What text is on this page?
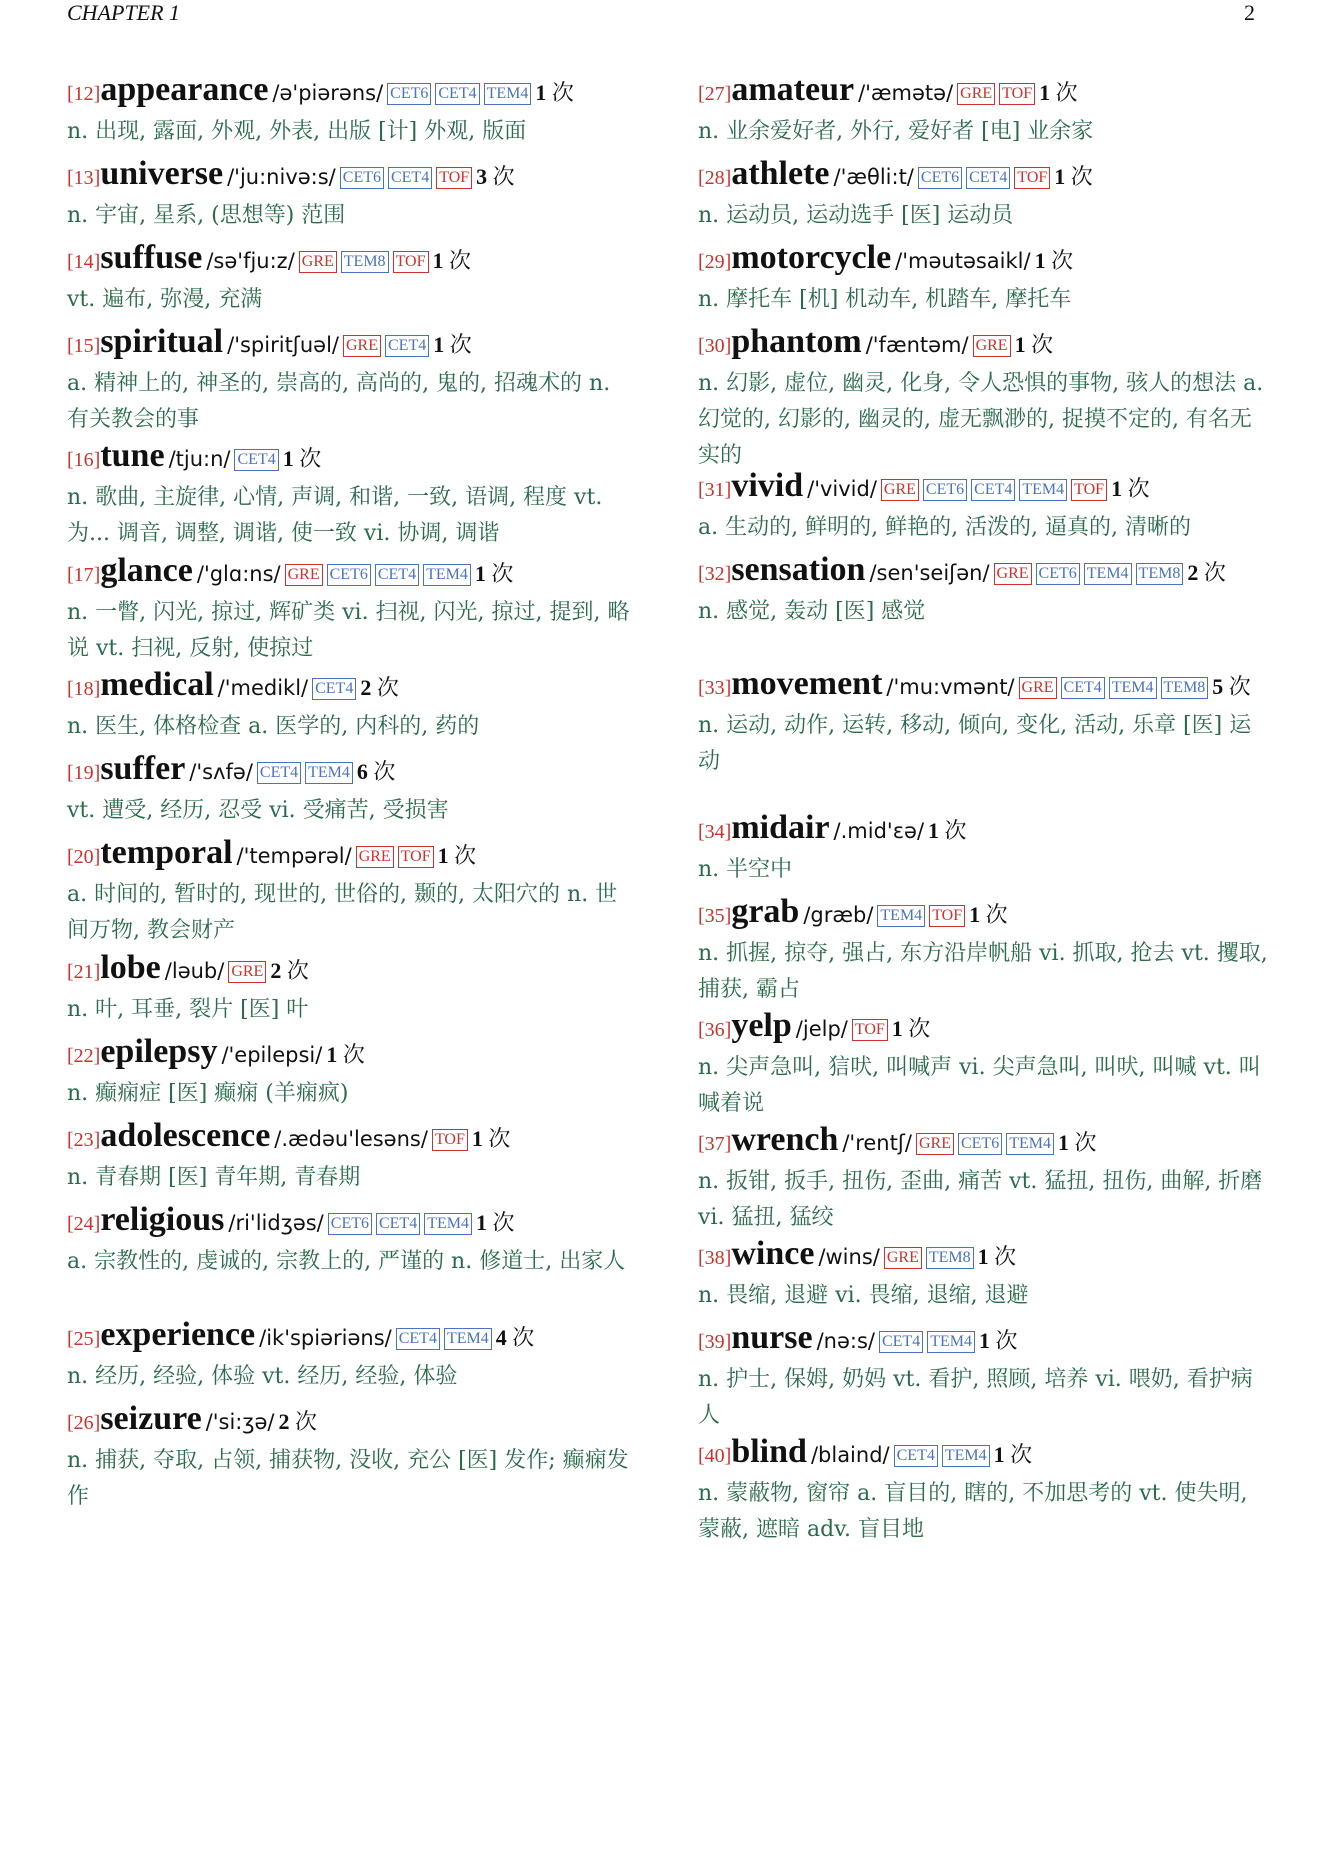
CHAPTER 1	2
[12]appearance /ə'piərəns/ CET6 CET4 TEM4 1 次
n. 出现, 露面, 外观, 外表, 出版 [计] 外观, 版面
[13]universe /'ju:nivə:s/ CET6 CET4 TOF 3 次
n. 宇宙, 星系, (思想等) 范围
[14]suffuse /sə'fju:z/ GRE TEM8 TOF 1 次
vt. 遍布, 弥漫, 充满
[15]spiritual /'spiritʃuəl/ GRE CET4 1 次
a. 精神上的, 神圣的, 崇高的, 高尚的, 鬼的, 招魂术的 n. 有关教会的事
[16]tune /tju:n/ CET4 1 次
n. 歌曲, 主旋律, 心情, 声调, 和谐, 一致, 语调, 程度 vt. 为... 调音, 调整, 调谐, 使一致 vi. 协调, 调谐
[17]glance /'glɑ:ns/ GRE CET6 CET4 TEM4 1 次
n. 一瞥, 闪光, 掠过, 辉矿类 vi. 扫视, 闪光, 掠过, 提到, 略说 vt. 扫视, 反射, 使掠过
[18]medical /'medikl/ CET4 2 次
n. 医生, 体格检查 a. 医学的, 内科的, 药的
[19]suffer /'sʌfə/ CET4 TEM4 6 次
vt. 遭受, 经历, 忍受 vi. 受痛苦, 受损害
[20]temporal /'tempərəl/ GRE TOF 1 次
a. 时间的, 暂时的, 现世的, 世俗的, 颞的, 太阳穴的 n. 世间万物, 教会财产
[21]lobe /ləub/ GRE 2 次
n. 叶, 耳垂, 裂片 [医] 叶
[22]epilepsy /'epilepsi/ 1 次
n. 癫痫症 [医] 癫痫 (羊痫疯)
[23]adolescence /.ædəu'lesəns/ TOF 1 次
n. 青春期 [医] 青年期, 青春期
[24]religious /ri'lidʒəs/ CET6 CET4 TEM4 1 次
a. 宗教性的, 虔诚的, 宗教上的, 严谨的 n. 修道士, 出家人
[25]experience /ik'spiəriəns/ CET4 TEM4 4 次
n. 经历, 经验, 体验 vt. 经历, 经验, 体验
[26]seizure /'si:ʒə/ 2 次
n. 捕获, 夺取, 占领, 捕获物, 没收, 充公 [医] 发作; 癫痫发作
[27]amateur /'æmətə/ GRE TOF 1 次
n. 业余爱好者, 外行, 爱好者 [电] 业余家
[28]athlete /'æθli:t/ CET6 CET4 TOF 1 次
n. 运动员, 运动选手 [医] 运动员
[29]motorcycle /'məutəsaikl/ 1 次
n. 摩托车 [机] 机动车, 机踏车, 摩托车
[30]phantom /'fæntəm/ GRE 1 次
n. 幻影, 虚位, 幽灵, 化身, 令人恐惧的事物, 骇人的想法 a. 幻觉的, 幻影的, 幽灵的, 虚无飘渺的, 捉摸不定的, 有名无实的
[31]vivid /'vivid/ GRE CET6 CET4 TEM4 TOF 1 次
a. 生动的, 鲜明的, 鲜艳的, 活泼的, 逼真的, 清晰的
[32]sensation /sen'seiʃən/ GRE CET6 TEM4 TEM8 2 次
n. 感觉, 轰动 [医] 感觉
[33]movement /'mu:vmənt/ GRE CET4 TEM4 TEM8 5 次
n. 运动, 动作, 运转, 移动, 倾向, 变化, 活动, 乐章 [医] 运动
[34]midair /.mid'ɛə/ 1 次
n. 半空中
[35]grab /græb/ TEM4 TOF 1 次
n. 抓握, 掠夺, 强占, 东方沿岸帆船 vi. 抓取, 抢去 vt. 攫取, 捕获, 霸占
[36]yelp /jelp/ TOF 1 次
n. 尖声急叫, 狺吠, 叫喊声 vi. 尖声急叫, 叫吠, 叫喊 vt. 叫喊着说
[37]wrench /'rentʃ/ GRE CET6 TEM4 1 次
n. 扳钳, 扳手, 扭伤, 歪曲, 痛苦 vt. 猛扭, 扭伤, 曲解, 折磨 vi. 猛扭, 猛绞
[38]wince /wins/ GRE TEM8 1 次
n. 畏缩, 退避 vi. 畏缩, 退缩, 退避
[39]nurse /nə:s/ CET4 TEM4 1 次
n. 护士, 保姆, 奶妈 vt. 看护, 照顾, 培养 vi. 喂奶, 看护病人
[40]blind /blaind/ CET4 TEM4 1 次
n. 蒙蔽物, 窗帘 a. 盲目的, 瞎的, 不加思考的 vt. 使失明, 蒙蔽, 遮暗 adv. 盲目地
